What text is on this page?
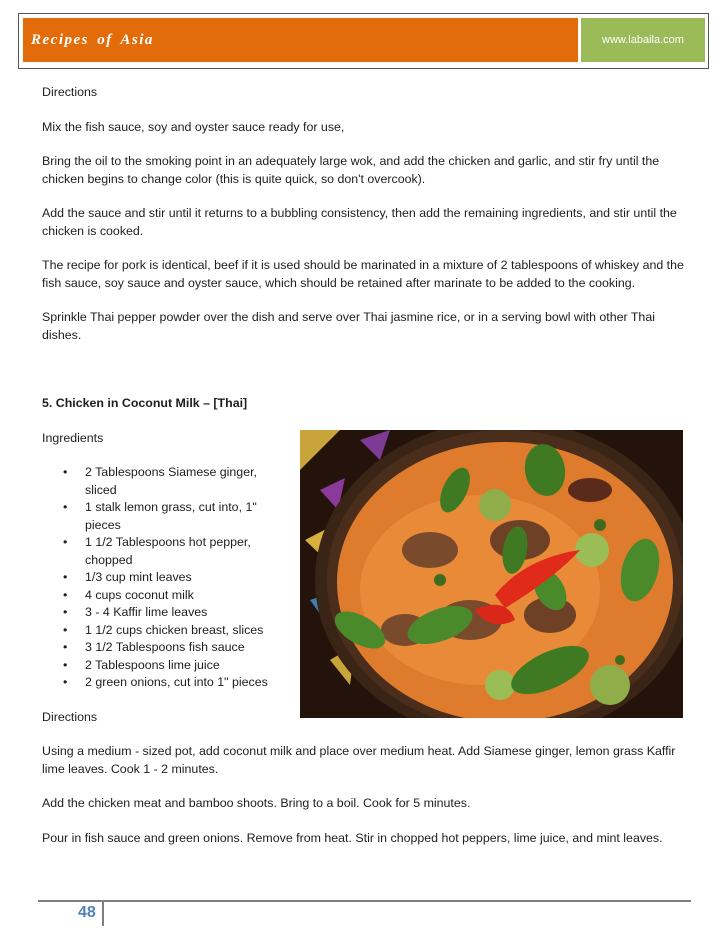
Recipes of Asia	www.labaila.com

Directions

Mix the fish sauce, soy and oyster sauce ready for use,

Bring the oil to the smoking point in an adequately large wok, and add the chicken and garlic, and stir fry until the chicken begins to change color (this is quite quick, so don't overcook).

Add the sauce and stir until it returns to a bubbling consistency, then add the remaining ingredients, and stir until the chicken is cooked.

The recipe for pork is identical, beef if it is used should be marinated in a mixture of 2 tablespoons of whiskey and the fish sauce, soy sauce and oyster sauce, which should be retained after marinate to be added to the cooking.

Sprinkle Thai pepper powder over the dish and serve over Thai jasmine rice, or in a serving bowl with other Thai dishes.

5. Chicken in Coconut Milk – [Thai]

Ingredients

• 2 Tablespoons Siamese ginger, sliced
• 1 stalk lemon grass, cut into, 1" pieces
• 1 1/2 Tablespoons hot pepper, chopped
• 1/3 cup mint leaves
• 4 cups coconut milk
• 3 - 4 Kaffir lime leaves
• 1 1/2 cups chicken breast, slices
• 3 1/2 Tablespoons fish sauce
• 2 Tablespoons lime juice
• 2 green onions, cut into 1" pieces

Directions

Using a medium - sized pot, add coconut milk and place over medium heat. Add Siamese ginger, lemon grass Kaffir lime leaves. Cook 1 - 2 minutes.

Add the chicken meat and bamboo shoots. Bring to a boil. Cook for 5 minutes.

Pour in fish sauce and green onions. Remove from heat. Stir in chopped hot peppers, lime juice, and mint leaves.

48
